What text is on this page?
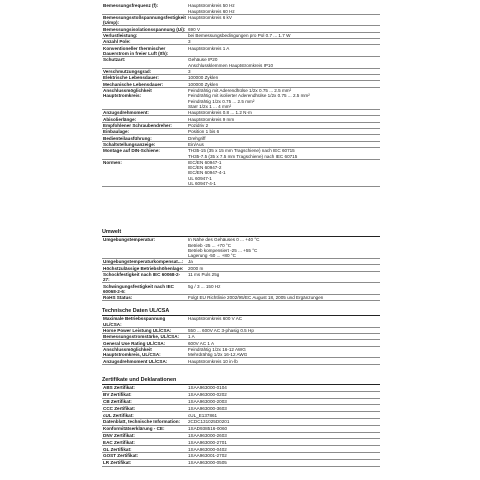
Bemessungsfrequenz (f):	Hauptstromkreis 50 Hz
Hauptstromkreis 60 Hz
Bemessungsstoßspannungsfestigkeit
(Uimp):
Hauptstromkreis 6 kV
Bemessungsisolationsspannung (Ui): 690 V
Verlustleistung:	bei Bemessungsbedingungen pro Pol 0.7 ... 1.7 W
Anzahl Pole:	3
Konventioneller thermischer
Dauerstrom in freier Luft (Ith):
Hauptstromkreis 1 A
Schutzart:	Gehäuse IP20
Anschlussklemmen Hauptstromkreis IP10
Verschmutzungsgrad:	3
Elektrische Lebensdauer:	100000 Zyklen
Mechanische Lebensdauer:	100000 Zyklen
Anschlussmöglichkeit
Hauptstromkreis:
Feindrähtig mit Aderendhülse 1/2x 0.75 ... 2.5 mm²
Feindrähtig mit isolierter Aderendhülse 1/2x 0.75 ... 2.5 mm²
Feindrähtig 1/2x 0.75 ... 2.5 mm²
Starr 1/2x 1 ... 4 mm²
Anzugsdrehmoment:	Hauptstromkreis 0.8 ... 1.2 N·m
Abisolierlänge:	Hauptstromkreis 9 mm
Empfohlener Schraubendreher:	Pozidriv 2
Einbaulage:	Position 1 bis 6
Bedienteilausführung:	Drehgriff
Schaltstellungsanzeige:	Ein/Aus
Montage auf DIN-Schiene:	TH35-15 (35 x 15 mm Tragschiene) nach IEC 60715
TH35-7.5 (35 x 7.5 mm Tragschiene) nach IEC 60715
Normen:	IEC/EN 60947-1
IEC/EN 60947-2
IEC/EN 60947-4-1
UL 60947-1
UL 60947-4-1
Umwelt
Umgebungstemperatur:	In Nähe des Gehäuses 0 ... +40 °C
Betrieb -25 ... +70 °C
Betrieb kompensiert -25 ... +55 °C
Lagerung -50 ... +80 °C
Umgebungstemperaturkompensat...:	Ja
Höchstzulässige Betriebshöhenlage: 2000 m
Schockfestigkeit nach IEC 60068-2-
27:
11 ms Puls 25g
Schwingungsfestigkeit nach IEC
60068-2-6:
5g / 3 ... 150 Hz
RoHS Status:	Folgt EU Richtlinie 2002/95/EC August 18, 2005 und Ergänzungen
Technische Daten UL/CSA
Maximale Betriebsspannung
UL/CSA:
Hauptstromkreis 600 V AC
Horse Power Leistung UL/CSA:	550 ... 600V AC 3-phasig 0.5 Hp
Bemessungsstromstärke, UL/CSA:	1 A
General Use Rating UL/CSA:	600V AC 1 A
Anschlussmöglichkeit
Hauptstromkreis, UL/CSA:
Feindrähtig 1/2x 16-12 AWG
Mehrdrähtig 1/2x 16-12 AWG
Anzugsdrehmoment UL/CSA:	Hauptstromkreis 10 in·lb
Zertifikate und Deklarationen
ABS Zertifikat:	1SAA963000-0104
BV Zertifikat:	1SAA963000-0202
CB Zertifikat:	1SAA963000-2003
CCC Zertifikat:	1SAA963000-3603
cUL Zertifikat:	cUL_E137861
Datenblatt, technische Information:	2CDC131025D0201
Konformitätserklärung - CE:	1SAD938516-0060
DNV Zertifikat:	1SAA963000-2603
EAC Zertifikat:	1SAA963000-2701
GL Zertifikat:	1SAA963000-0402
GOST Zertifikat:	1SAA963001-2702
LR Zertifikat:	1SAA963000-0505
